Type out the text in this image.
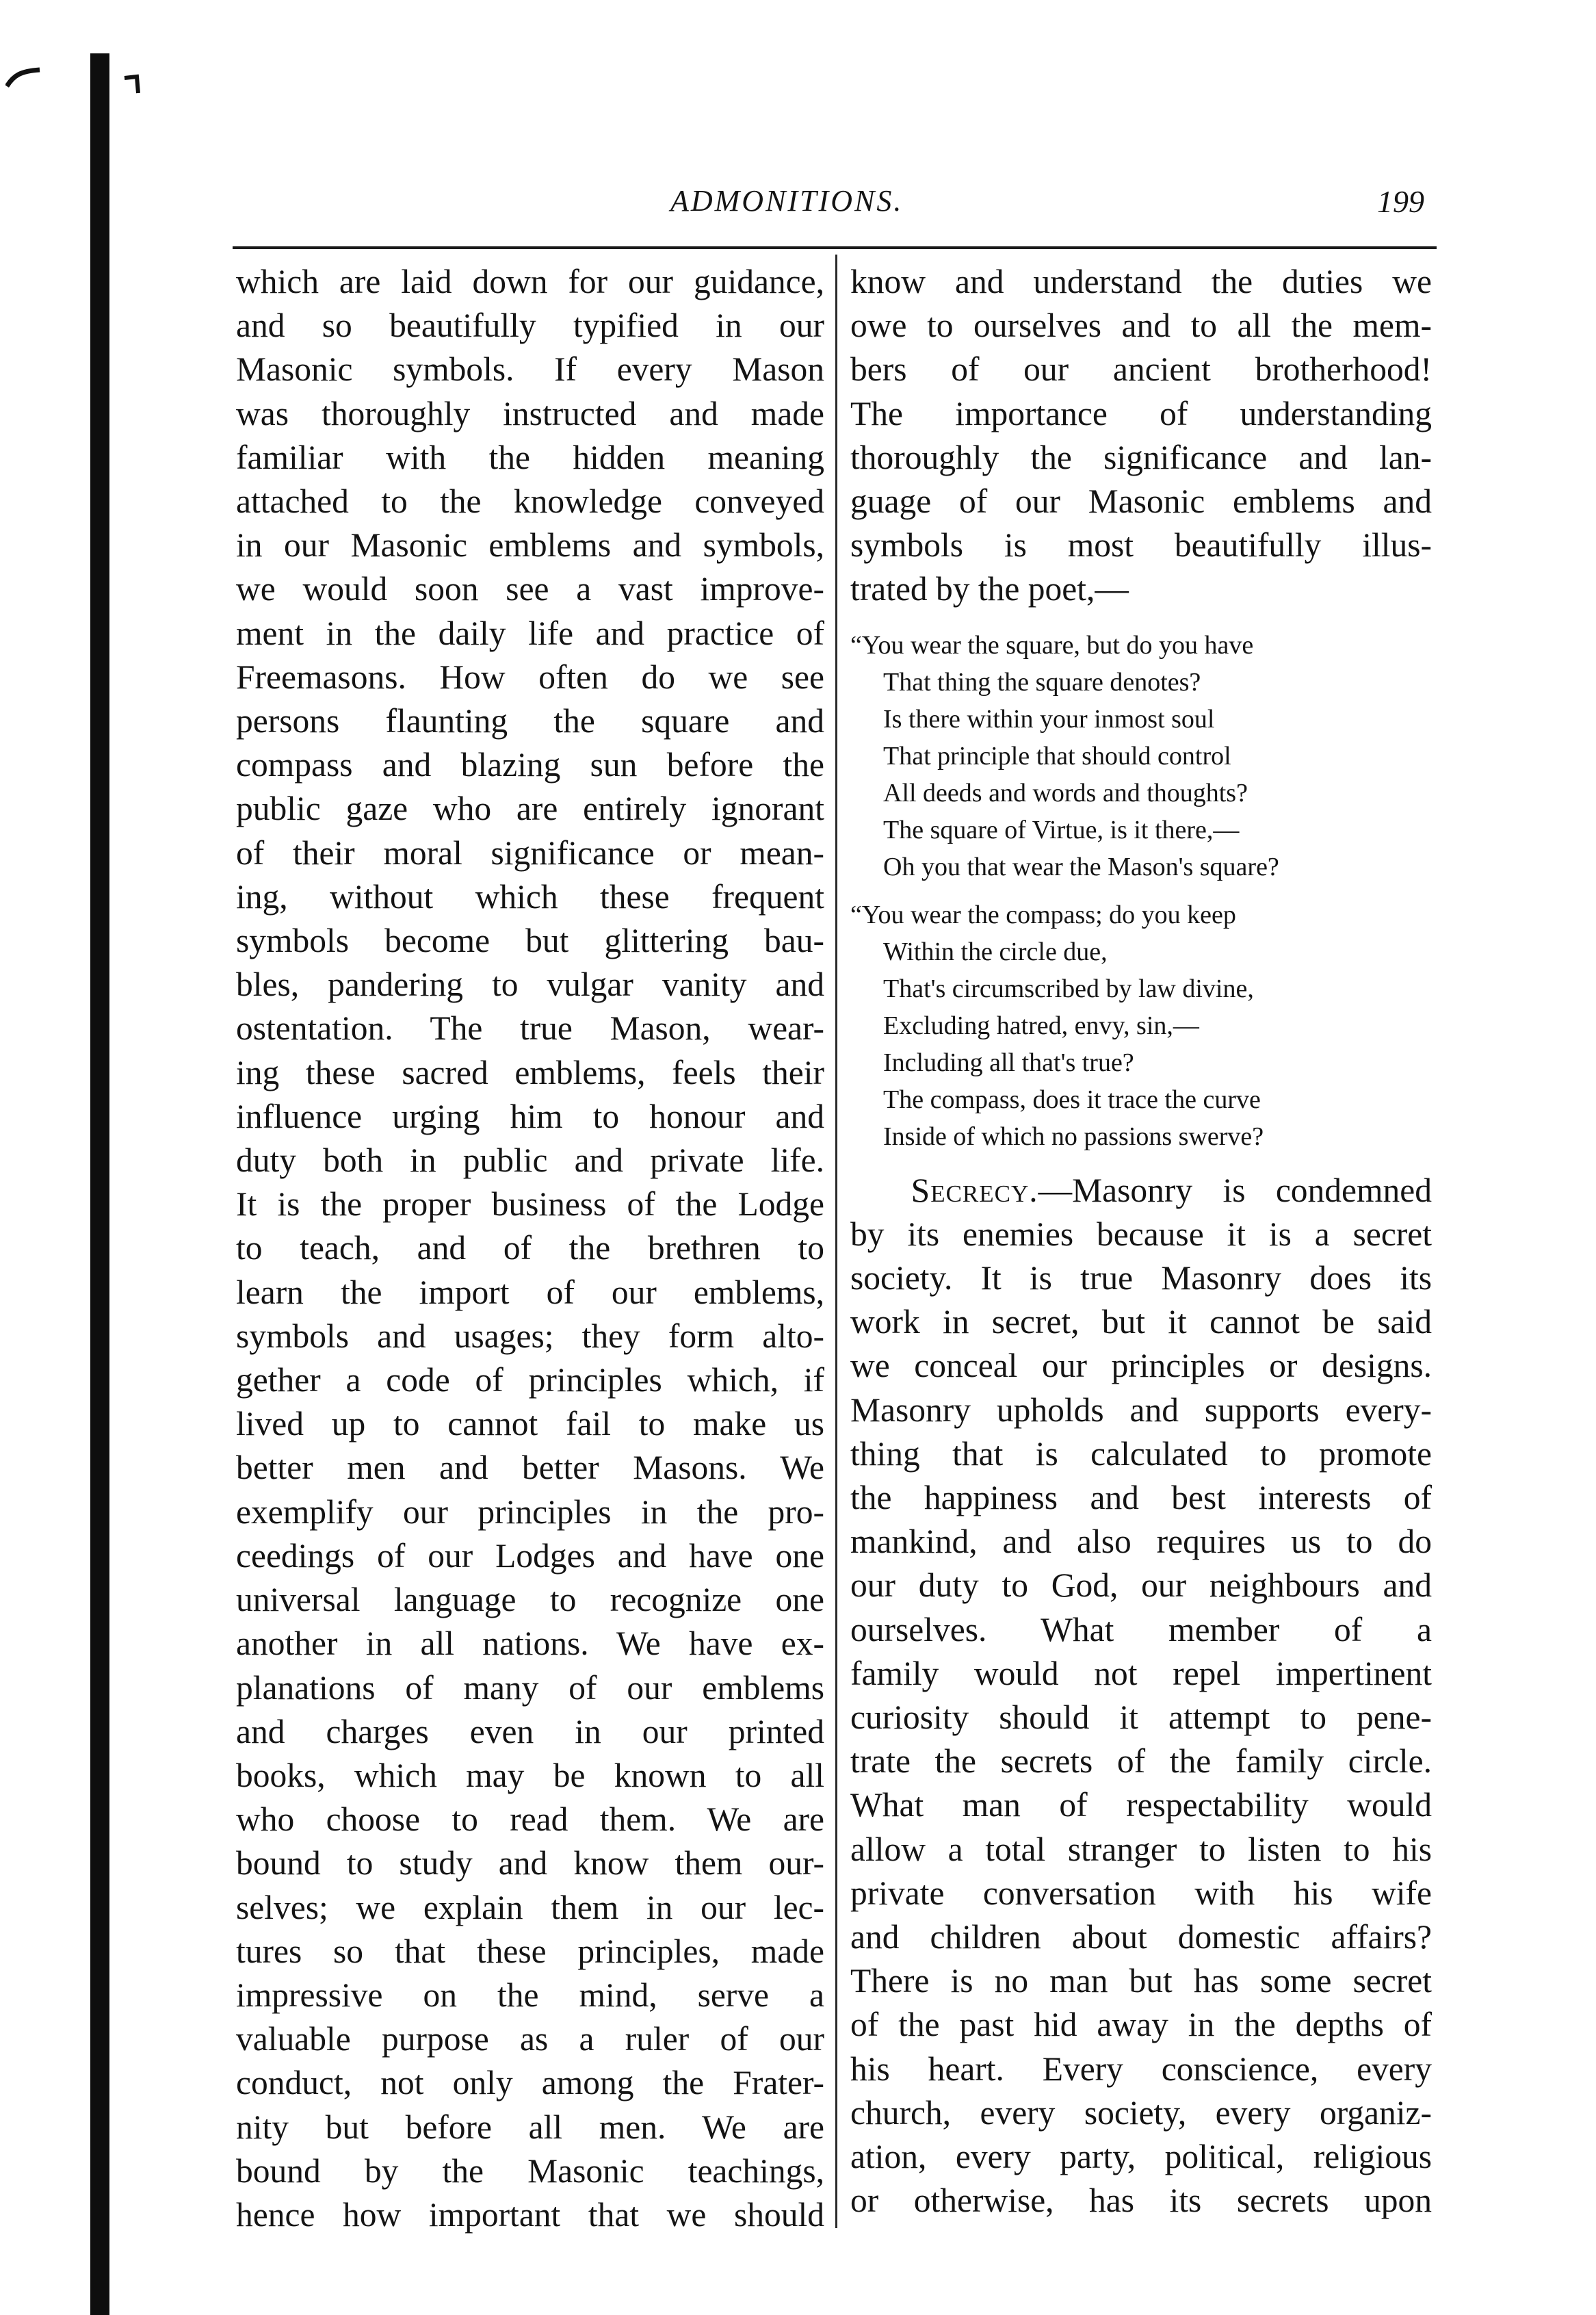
ADMONITIONS.	199
which are laid down for our guidance,
and so beautifully typified in our
Masonic symbols. If every Mason
was thoroughly instructed and made
familiar with the hidden meaning
attached to the knowledge conveyed
in our Masonic emblems and symbols,
we would soon see a vast improve-
ment in the daily life and practice of
Freemasons. How often do we see
persons flaunting the square and
compass and blazing sun before the
public gaze who are entirely ignorant
of their moral significance or mean-
ing, without which these frequent
symbols become but glittering bau-
bles, pandering to vulgar vanity and
ostentation. The true Mason, wear-
ing these sacred emblems, feels their
influence urging him to honour and
duty both in public and private life.
It is the proper business of the Lodge
to teach, and of the brethren to
learn the import of our emblems,
symbols and usages; they form alto-
gether a code of principles which, if
lived up to cannot fail to make us
better men and better Masons. We
exemplify our principles in the pro-
ceedings of our Lodges and have one
universal language to recognize one
another in all nations. We have ex-
planations of many of our emblems
and charges even in our printed
books, which may be known to all
who choose to read them. We are
bound to study and know them our-
selves; we explain them in our lec-
tures so that these principles, made
impressive on the mind, serve a
valuable purpose as a ruler of our
conduct, not only among the Frater-
nity but before all men. We are
bound by the Masonic teachings,
hence how important that we should
know and understand the duties we
owe to ourselves and to all the mem-
bers of our ancient brotherhood!
The importance of understanding
thoroughly the significance and lan-
guage of our Masonic emblems and
symbols is most beautifully illus-
trated by the poet,—
“You wear the square, but do you have
That thing the square denotes?
Is there within your inmost soul
That principle that should control
All deeds and words and thoughts?
The square of Virtue, is it there,—
Oh you that wear the Mason's square?
“You wear the compass; do you keep
Within the circle due,
That's circumscribed by law divine,
Excluding hatred, envy, sin,—
Including all that's true?
The compass, does it trace the curve
Inside of which no passions swerve?
Secrecy.—Masonry is condemned
by its enemies because it is a secret
society. It is true Masonry does its
work in secret, but it cannot be said
we conceal our principles or designs.
Masonry upholds and supports every-
thing that is calculated to promote
the happiness and best interests of
mankind, and also requires us to do
our duty to God, our neighbours and
ourselves. What member of a
family would not repel impertinent
curiosity should it attempt to pene-
trate the secrets of the family circle.
What man of respectability would
allow a total stranger to listen to his
private conversation with his wife
and children about domestic affairs?
There is no man but has some secret
of the past hid away in the depths of
his heart. Every conscience, every
church, every society, every organiz-
ation, every party, political, religious
or otherwise, has its secrets upon
